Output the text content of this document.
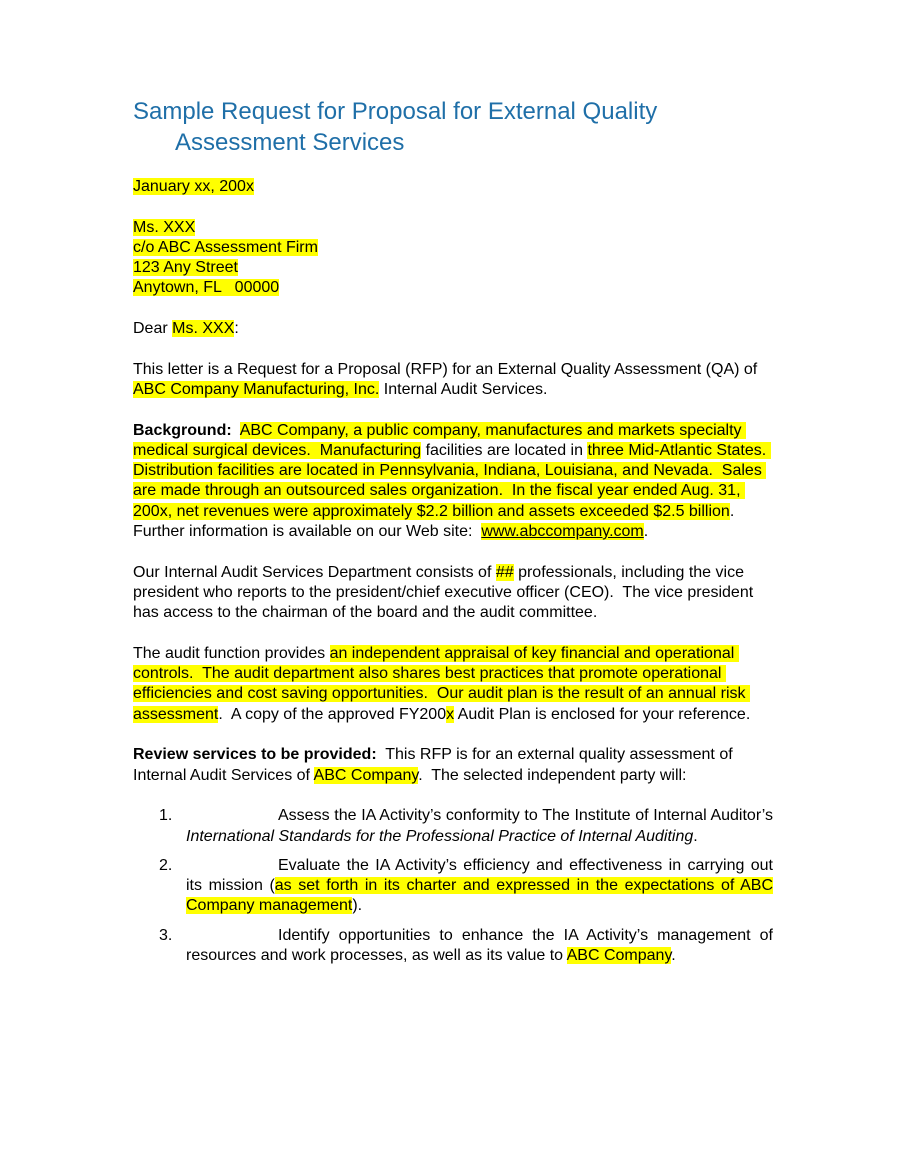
Sample Request for Proposal for External Quality
Assessment Services

January xx, 200x

Ms. XXX
c/o ABC Assessment Firm
123 Any Street
Anytown, FL   00000

Dear Ms. XXX:

This letter is a Request for a Proposal (RFP) for an External Quality Assessment (QA) of ABC Company Manufacturing, Inc. Internal Audit Services.

Background: ABC Company, a public company, manufactures and markets specialty medical surgical devices.  Manufacturing facilities are located in three Mid-Atlantic States. Distribution facilities are located in Pennsylvania, Indiana, Louisiana, and Nevada.  Sales are made through an outsourced sales organization.  In the fiscal year ended Aug. 31, 200x, net revenues were approximately $2.2 billion and assets exceeded $2.5 billion.  Further information is available on our Web site:  www.abccompany.com.

Our Internal Audit Services Department consists of ## professionals, including the vice president who reports to the president/chief executive officer (CEO).  The vice president has access to the chairman of the board and the audit committee.

The audit function provides an independent appraisal of key financial and operational controls.  The audit department also shares best practices that promote operational efficiencies and cost saving opportunities.  Our audit plan is the result of an annual risk assessment.  A copy of the approved FY200x Audit Plan is enclosed for your reference.

Review services to be provided:  This RFP is for an external quality assessment of Internal Audit Services of ABC Company.  The selected independent party will:

1.	Assess the IA Activity’s conformity to The Institute of Internal Auditor’s International Standards for the Professional Practice of Internal Auditing.
2.	Evaluate the IA Activity’s efficiency and effectiveness in carrying out its mission (as set forth in its charter and expressed in the expectations of ABC Company management).
3.	Identify opportunities to enhance the IA Activity’s management of resources and work processes, as well as its value to ABC Company.
